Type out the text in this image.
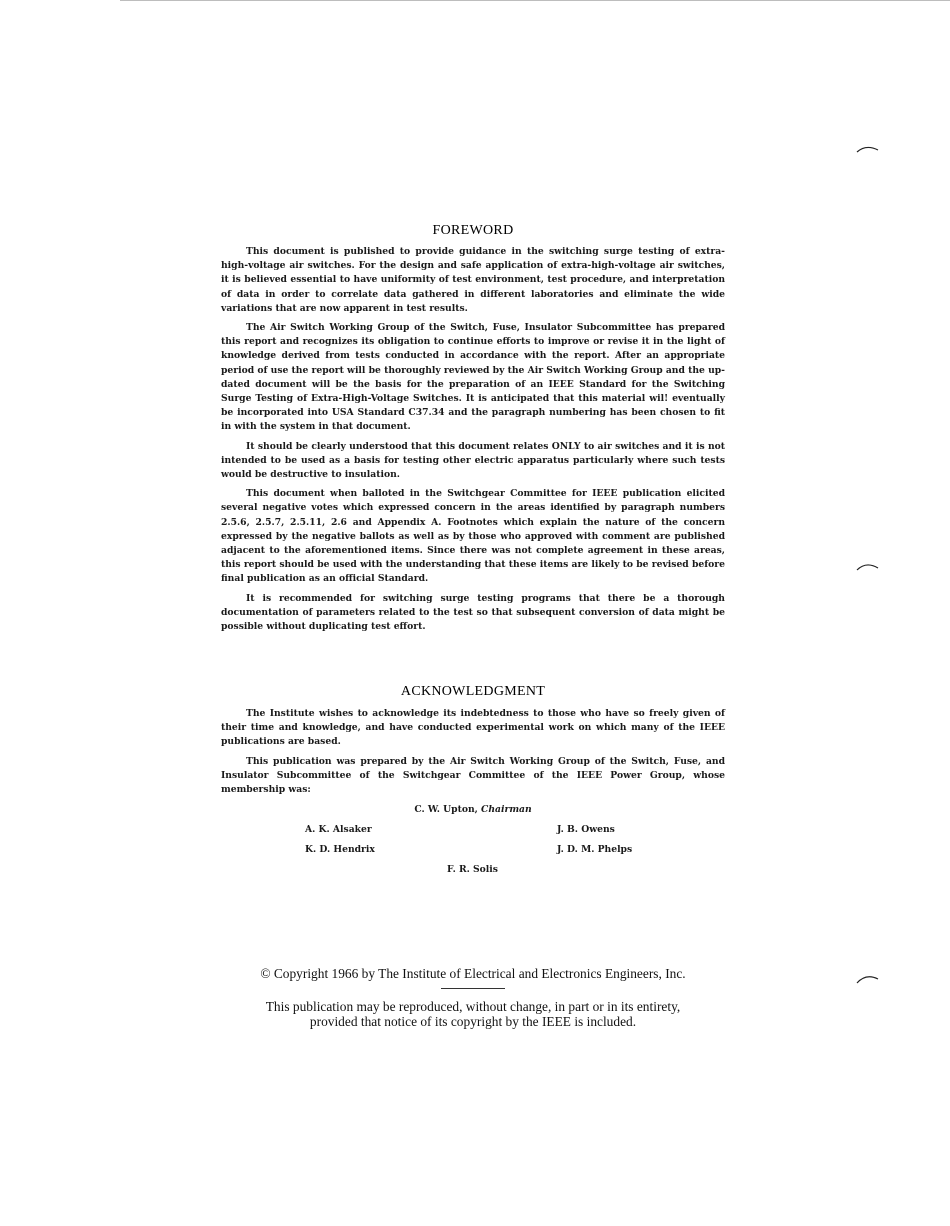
FOREWORD

This document is published to provide guidance in the switching surge testing of extra-high-voltage air switches. For the design and safe application of extra-high-voltage air switches, it is believed essential to have uniformity of test environment, test procedure, and interpretation of data in order to correlate data gathered in different laboratories and eliminate the wide variations that are now apparent in test results.

The Air Switch Working Group of the Switch, Fuse, Insulator Subcommittee has prepared this report and recognizes its obligation to continue efforts to improve or revise it in the light of knowledge derived from tests conducted in accordance with the report. After an appropriate period of use the report will be thoroughly reviewed by the Air Switch Working Group and the up-dated document will be the basis for the preparation of an IEEE Standard for the Switching Surge Testing of Extra-High-Voltage Switches. It is anticipated that this material wil! eventually be incorporated into USA Standard C37.34 and the paragraph numbering has been chosen to fit in with the system in that document.

It should be clearly understood that this document relates ONLY to air switches and it is not intended to be used as a basis for testing other electric apparatus particularly where such tests would be destructive to insulation.

This document when balloted in the Switchgear Committee for IEEE publication elicited several negative votes which expressed concern in the areas identified by paragraph numbers 2.5.6, 2.5.7, 2.5.11, 2.6 and Appendix A. Footnotes which explain the nature of the concern expressed by the negative ballots as well as by those who approved with comment are published adjacent to the aforementioned items. Since there was not complete agreement in these areas, this report should be used with the understanding that these items are likely to be revised before final publication as an official Standard.

It is recommended for switching surge testing programs that there be a thorough documentation of parameters related to the test so that subsequent conversion of data might be possible without duplicating test effort.

ACKNOWLEDGMENT

The Institute wishes to acknowledge its indebtedness to those who have so freely given of their time and knowledge, and have conducted experimental work on which many of the IEEE publications are based.

This publication was prepared by the Air Switch Working Group of the Switch, Fuse, and Insulator Subcommittee of the Switchgear Committee of the IEEE Power Group, whose membership was:

C. W. Upton, Chairman
A. K. Alsaker	J. B. Owens
K. D. Hendrix	J. D. M. Phelps
F. R. Solis
© Copyright 1966 by The Institute of Electrical and Electronics Engineers, Inc.
This publication may be reproduced, without change, in part or in its entirety,
provided that notice of its copyright by the IEEE is included.
